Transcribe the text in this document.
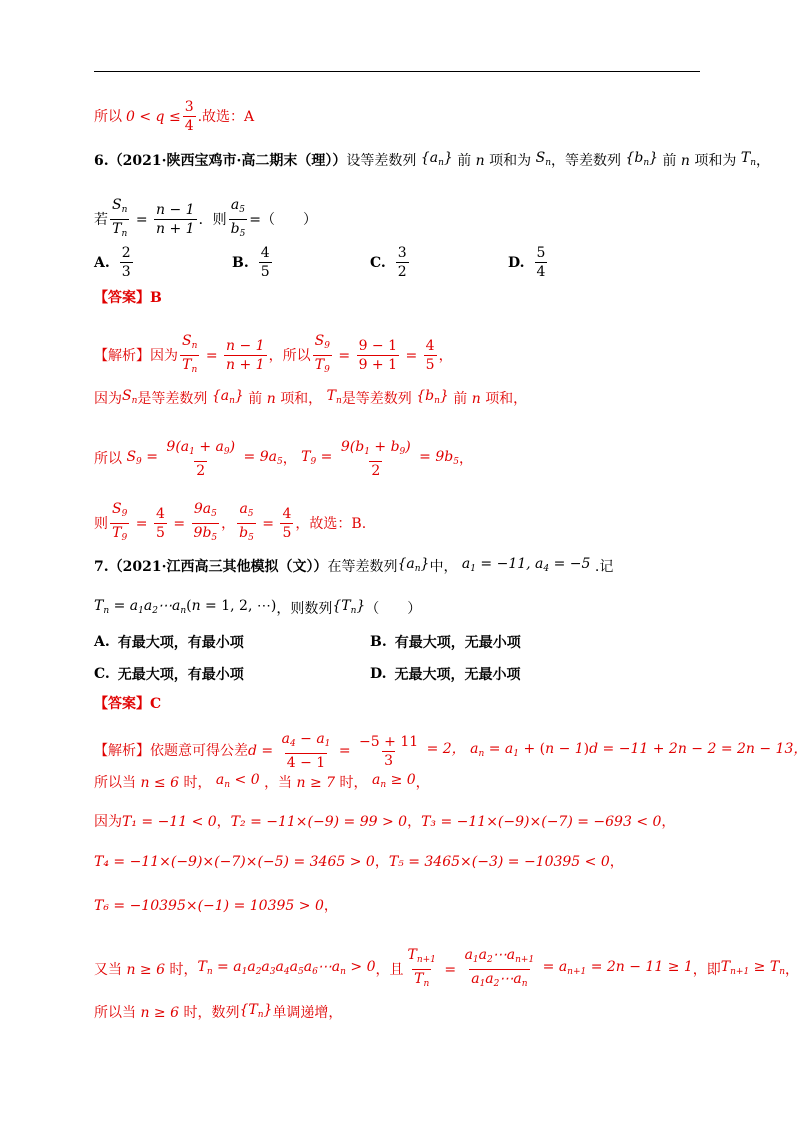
所以 $0 < q \le \frac{3}{4}$ .故选：A
6. （2021·陕西宝鸡市·高二期末（理）） 设等差数列 $\{a_n\}$ 前 n 项和为 $S_n$ ，等差数列 $\{b_n\}$ 前 n 项和为 $T_n$ ，
若 $\frac{S_n}{T_n} = \frac{n - 1}{n + 1}$ ．则 $\frac{a_5}{b_5}$ =（　　）
A. $\frac{2}{3}$	B. $\frac{4}{5}$	C. $\frac{3}{2}$	D. $\frac{5}{4}$
【答案】 B
【解析】 因为 $\frac{S_n}{T_n} = \frac{n - 1}{n + 1}$ ，所以 $\frac{S_9}{T_9} = \frac{9 - 1}{9 + 1} = \frac{4}{5}$ ，
因为 $S_n$ 是等差数列 $\{a_n\}$ 前 n 项和， $T_n$ 是等差数列 $\{b_n\}$ 前 n 项和，
所以 $S_9 = \frac{9(a_1 + a_9)}{2} = 9a_5$ ， $T_9 = \frac{9(b_1 + b_9)}{2} = 9b_5$ ，
则 $\frac{S_9}{T_9} = \frac{4}{5} = \frac{9a_5}{9b_5}$ ， $\frac{a_5}{b_5} = \frac{4}{5}$ ，故选：B.
7. （2021·江西高三其他模拟（文）） 在等差数列 $\{a_n\}$ 中， $a_1 = -11$, $a_4 = -5$ .记
$T_n$ = $a_1a_2\cdots a_n(n = 1$, 2, ⋯) ，则数列 $\{T_n\}$ （　　）
A. 有最大项，有最小项	B. 有最大项，无最小项
C. 无最大项，有最小项	D. 无最大项，无最小项
【答案】 C
【解析】 依题意可得公差 $d = \frac{a_4 - a_1}{4 - 1} = \frac{-5 + 11}{3} = 2$， $a_n = a_1 + (n - 1)d = -11 + 2n - 2 = 2n - 13$，
所以当 n ≤ 6 时， $a_n < 0$ ，当 n ≥ 7 时， $a_n \ge 0$ ，
因为 T₁ = −11 < 0 ， T₂ = −11×(−9) = 99 > 0 ， T₃ = −11×(−9)×(−7) = −693 < 0 ，
T₄ = −11×(−9)×(−7)×(−5) = 3465 > 0 ， T₅ = 3465×(−3) = −10395 < 0 ，
T₆ = −10395×(−1) = 10395 > 0 ，
又当 n ≥ 6 时， $T_n$ = $a_1a_2a_3a_4a_5a_6\cdots a_n > 0$ ，且 $\frac{T_{n+1}}{T_n} = \frac{a_1a_2\cdots a_{n+1}}{a_1a_2\cdots a_n} = a_{n+1} = 2n - 11 \ge 1$ ，即 $T_{n+1} \ge T_n$ ，
所以当 n ≥ 6 时，数列 $\{T_n\}$ 单调递增，
